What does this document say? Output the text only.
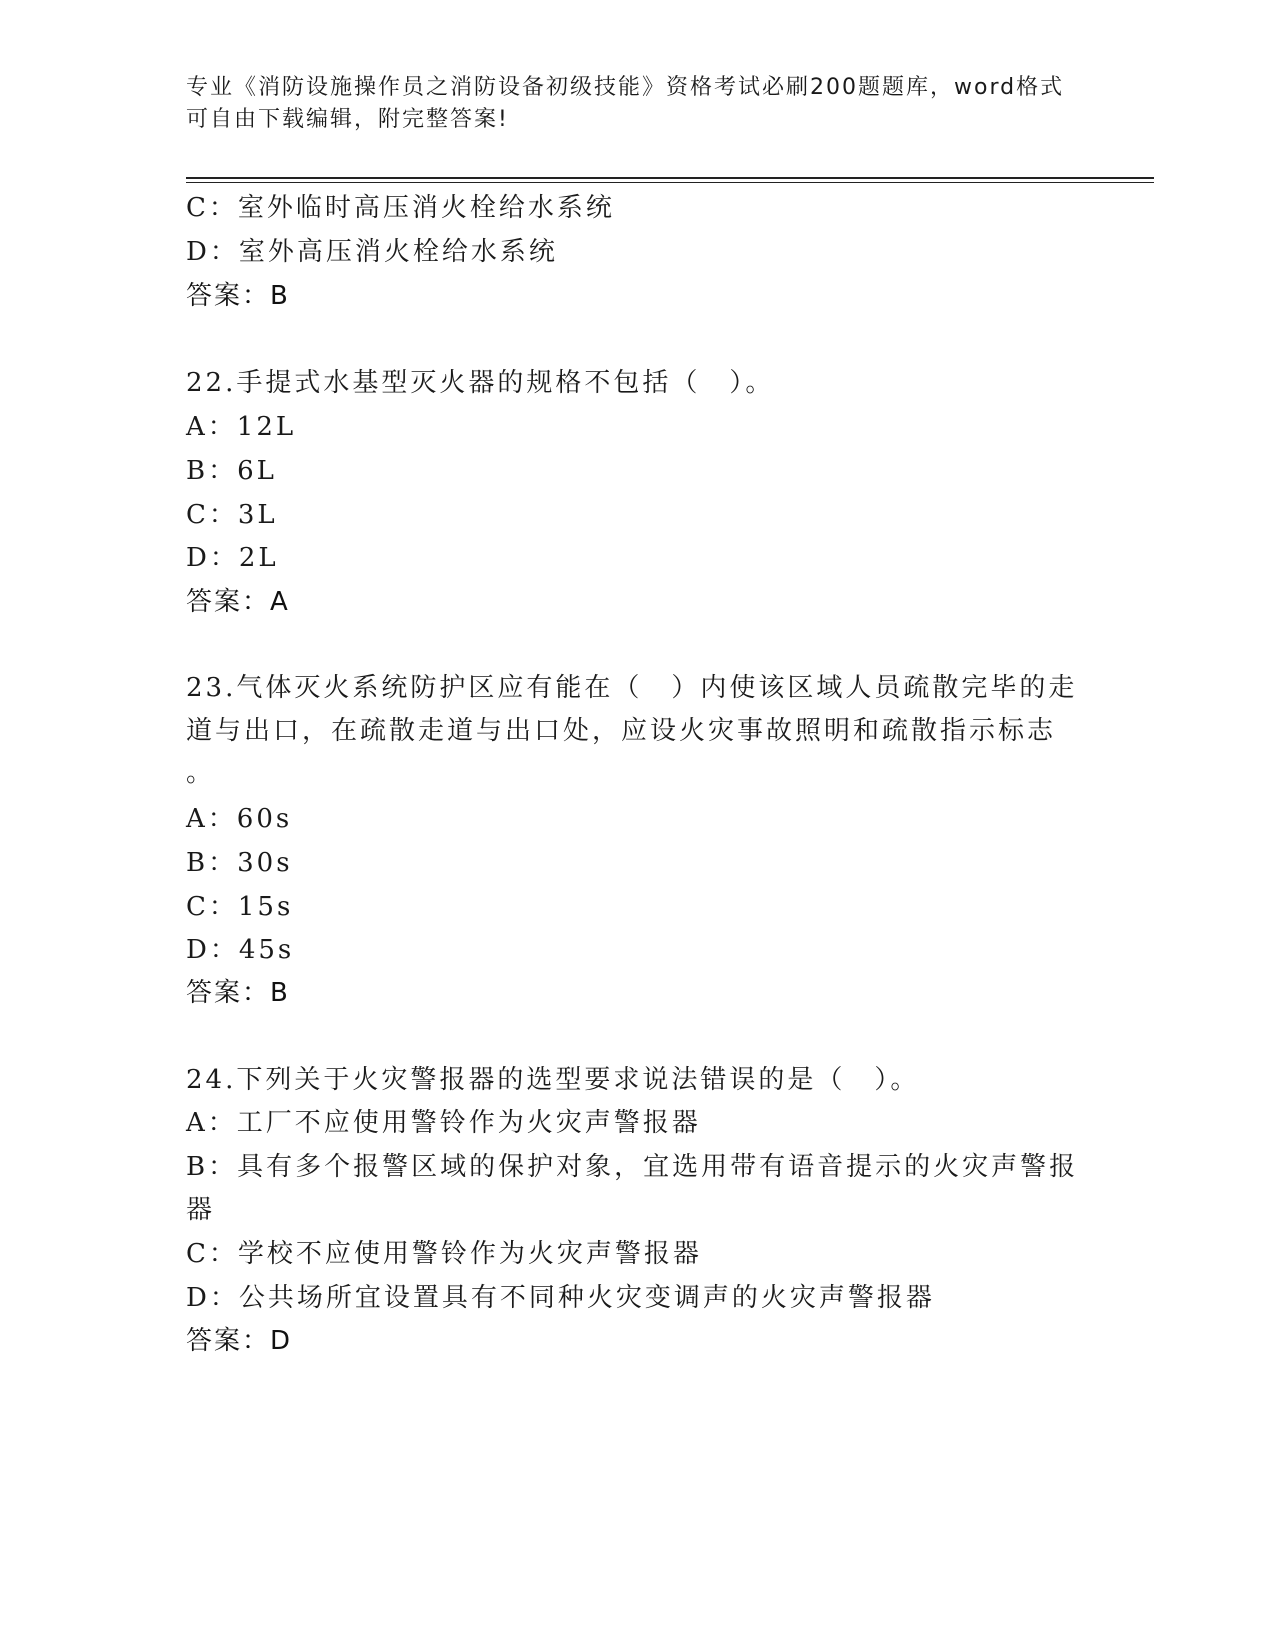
专业《消防设施操作员之消防设备初级技能》资格考试必刷200题题库，word格式可自由下载编辑，附完整答案!
C：室外临时高压消火栓给水系统
D：室外高压消火栓给水系统
答案：B
22.手提式水基型灭火器的规格不包括（　）。
A：12L
B：6L
C：3L
D：2L
答案：A
23.气体灭火系统防护区应有能在（　）内使该区域人员疏散完毕的走
道与出口，在疏散走道与出口处，应设火灾事故照明和疏散指示标志
。
A：60s
B：30s
C：15s
D：45s
答案：B
24.下列关于火灾警报器的选型要求说法错误的是（　）。
A：工厂不应使用警铃作为火灾声警报器
B：具有多个报警区域的保护对象，宜选用带有语音提示的火灾声警报
器
C：学校不应使用警铃作为火灾声警报器
D：公共场所宜设置具有不同种火灾变调声的火灾声警报器
答案：D
